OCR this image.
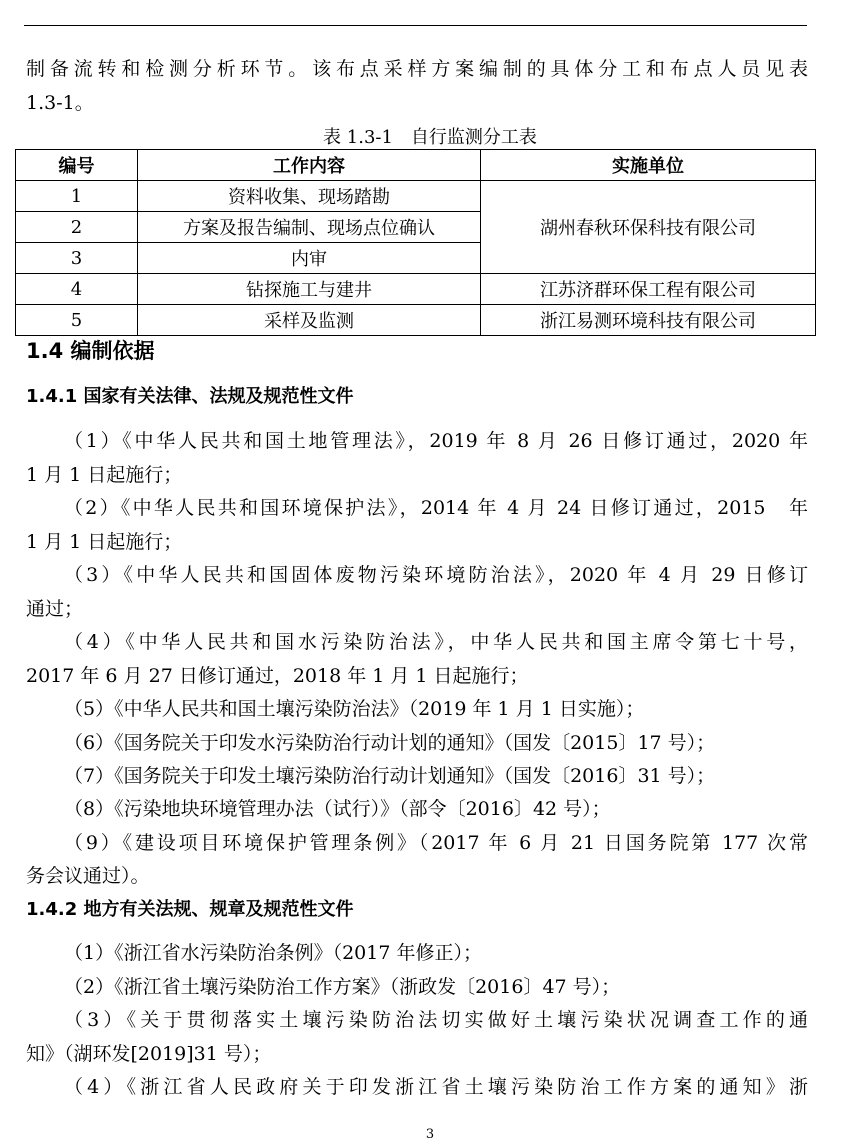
制备流转和检测分析环节。该布点采样方案编制的具体分工和布点人员见表
1.3-1。
表 1.3-1　自行监测分工表
编号	工作内容	实施单位
1	资料收集、现场踏勘	湖州春秋环保科技有限公司
2	方案及报告编制、现场点位确认	
3	内审	
4	钻探施工与建井	江苏济群环保工程有限公司
5	采样及监测	浙江易测环境科技有限公司
1.4 编制依据
1.4.1 国家有关法律、法规及规范性文件
（1）《中华人民共和国土地管理法》，2019 年 8 月 26 日修订通过，2020 年
1 月 1 日起施行；
（2）《中华人民共和国环境保护法》，2014 年 4 月 24 日修订通过，2015　年
1 月 1 日起施行；
（3）《中华人民共和国固体废物污染环境防治法》，2020 年 4 月 29 日修订
通过；
（4）《中华人民共和国水污染防治法》，中华人民共和国主席令第七十号，
2017 年 6 月 27 日修订通过，2018 年 1 月 1 日起施行；
（5）《中华人民共和国土壤污染防治法》（2019 年 1 月 1 日实施）；
（6）《国务院关于印发水污染防治行动计划的通知》（国发〔2015〕17 号）；
（7）《国务院关于印发土壤污染防治行动计划通知》（国发〔2016〕31 号）；
（8）《污染地块环境管理办法（试行）》（部令〔2016〕42 号）；
（9）《建设项目环境保护管理条例》（2017 年 6 月 21 日国务院第 177 次常
务会议通过）。
1.4.2 地方有关法规、规章及规范性文件
（1）《浙江省水污染防治条例》（2017 年修正）；
（2）《浙江省土壤污染防治工作方案》（浙政发〔2016〕47 号）；
（3）《关于贯彻落实土壤污染防治法切实做好土壤污染状况调查工作的通
知》（湖环发[2019]31 号）；
（4）《浙江省人民政府关于印发浙江省土壤污染防治工作方案的通知》浙
3
